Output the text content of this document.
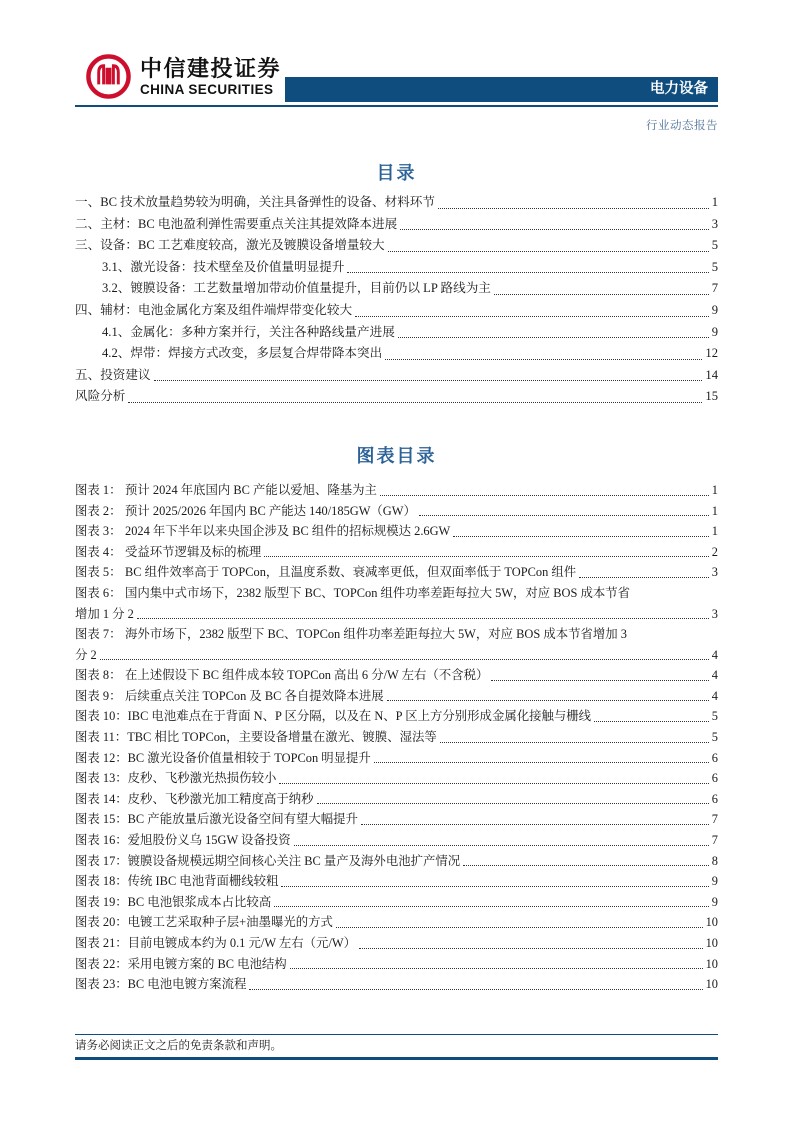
中信建投证券
CHINA SECURITIES	电力设备
行业动态报告
目录
一、BC 技术放量趋势较为明确，关注具备弹性的设备、材料环节	1
二、主材：BC 电池盈利弹性需要重点关注其提效降本进展	3
三、设备：BC 工艺难度较高，激光及镀膜设备增量较大	5
3.1、激光设备：技术壁垒及价值量明显提升	5
3.2、镀膜设备：工艺数量增加带动价值量提升，目前仍以 LP 路线为主	7
四、辅材：电池金属化方案及组件端焊带变化较大	9
4.1、金属化：多种方案并行，关注各种路线量产进展	9
4.2、焊带：焊接方式改变，多层复合焊带降本突出	12
五、投资建议	14
风险分析	15
图表目录
图表 1： 预计 2024 年底国内 BC 产能以爱旭、隆基为主	1
图表 2： 预计 2025/2026 年国内 BC 产能达 140/185GW（GW）	1
图表 3： 2024 年下半年以来央国企涉及 BC 组件的招标规模达 2.6GW	1
图表 4： 受益环节逻辑及标的梳理	2
图表 5： BC 组件效率高于 TOPCon，且温度系数、衰减率更低，但双面率低于 TOPCon 组件	3
图表 6： 国内集中式市场下，2382 版型下 BC、TOPCon 组件功率差距每拉大 5W，对应 BOS 成本节省
增加 1 分 2	3
图表 7： 海外市场下，2382 版型下 BC、TOPCon 组件功率差距每拉大 5W，对应 BOS 成本节省增加 3
分 2	4
图表 8： 在上述假设下 BC 组件成本较 TOPCon 高出 6 分/W 左右（不含税）	4
图表 9： 后续重点关注 TOPCon 及 BC 各自提效降本进展	4
图表 10： IBC 电池难点在于背面 N、P 区分隔，以及在 N、P 区上方分别形成金属化接触与栅线	5
图表 11： TBC 相比 TOPCon，主要设备增量在激光、镀膜、湿法等	5
图表 12： BC 激光设备价值量相较于 TOPCon 明显提升	6
图表 13： 皮秒、飞秒激光热损伤较小	6
图表 14： 皮秒、飞秒激光加工精度高于纳秒	6
图表 15： BC 产能放量后激光设备空间有望大幅提升	7
图表 16： 爱旭股份义乌 15GW 设备投资	7
图表 17： 镀膜设备规模远期空间核心关注 BC 量产及海外电池扩产情况	8
图表 18： 传统 IBC 电池背面栅线较粗	9
图表 19： BC 电池银浆成本占比较高	9
图表 20： 电镀工艺采取种子层+油墨曝光的方式	10
图表 21： 目前电镀成本约为 0.1 元/W 左右（元/W）	10
图表 22： 采用电镀方案的 BC 电池结构	10
图表 23： BC 电池电镀方案流程	10
请务必阅读正文之后的免责条款和声明。
